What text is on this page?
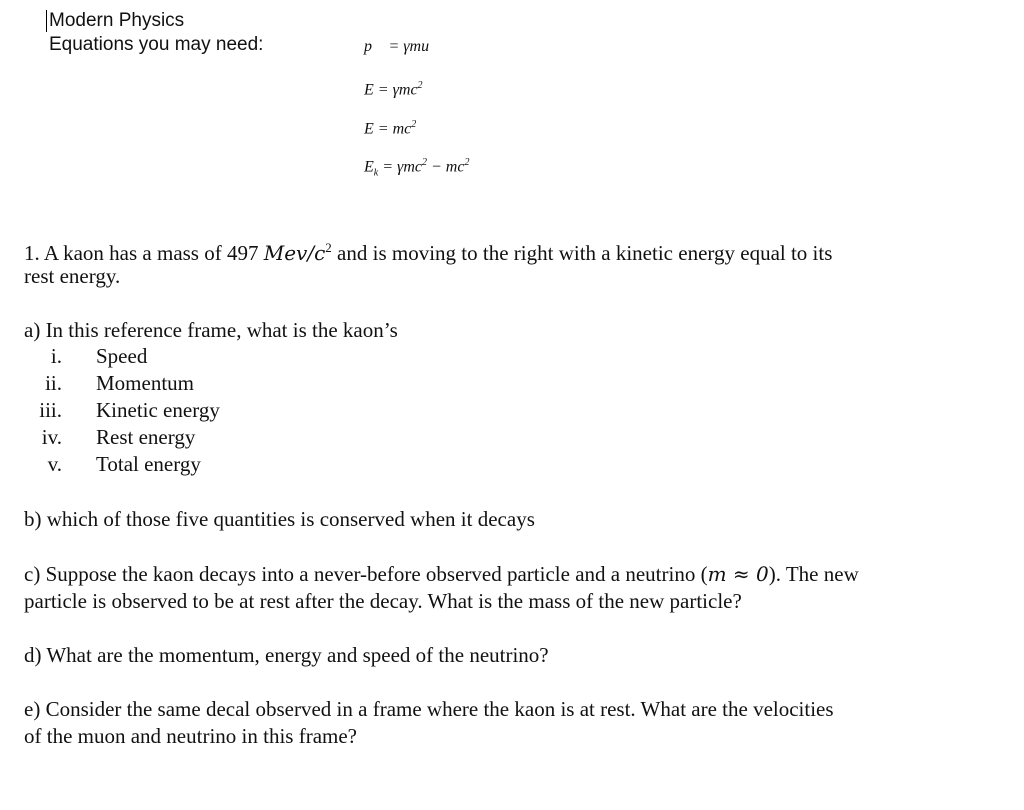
Modern Physics
Equations you may need:	p⃗ = γmu⃗
E = γmc$^2$
$E = mc^2$
$E_k = \gamma mc^2 - mc^2$
1. A kaon has a mass of 497 Mev/$c^2$ and is moving to the right with a kinetic energy equal to its
rest energy.
a) In this reference frame, what is the kaon’s
i. Speed
ii. Momentum
iii. Kinetic energy
iv. Rest energy
v. Total energy
b) which of those five quantities is conserved when it decays
c) Suppose the kaon decays into a never-before observed particle and a neutrino (m ≈ 0). The new
particle is observed to be at rest after the decay. What is the mass of the new particle?
d) What are the momentum, energy and speed of the neutrino?
e) Consider the same decal observed in a frame where the kaon is at rest. What are the velocities
of the muon and neutrino in this frame?
